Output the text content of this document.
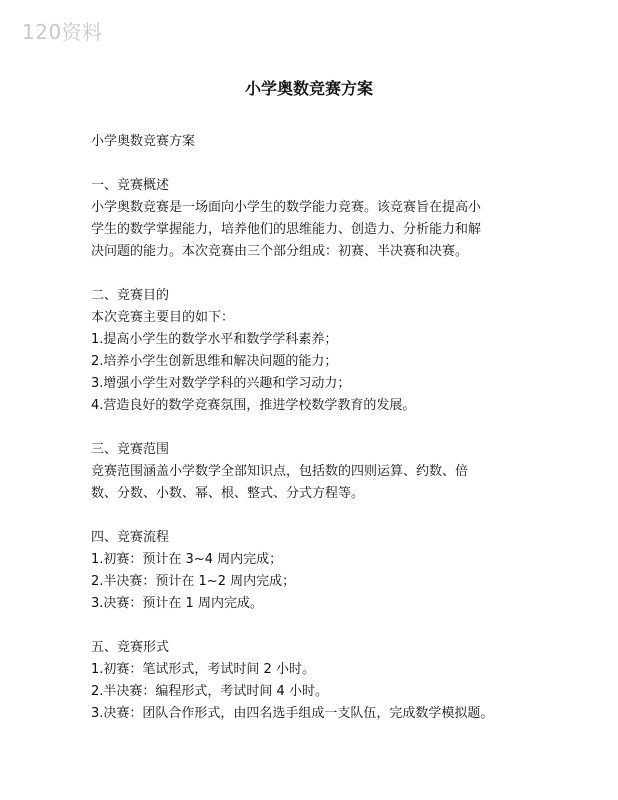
120资料
小学奥数竞赛方案
小学奥数竞赛方案
一、竞赛概述
小学奥数竞赛是一场面向小学生的数学能力竞赛。该竞赛旨在提高小
学生的数学掌握能力，培养他们的思维能力、创造力、分析能力和解
决问题的能力。本次竞赛由三个部分组成：初赛、半决赛和决赛。
二、竞赛目的
本次竞赛主要目的如下：
1.提高小学生的数学水平和数学学科素养；
2.培养小学生创新思维和解决问题的能力；
3.增强小学生对数学学科的兴趣和学习动力；
4.营造良好的数学竞赛氛围，推进学校数学教育的发展。
三、竞赛范围
竞赛范围涵盖小学数学全部知识点，包括数的四则运算、约数、倍
数、分数、小数、幂、根、整式、分式方程等。
四、竞赛流程
1.初赛：预计在 3~4 周内完成；
2.半决赛：预计在 1~2 周内完成；
3.决赛：预计在 1 周内完成。
五、竞赛形式
1.初赛：笔试形式，考试时间 2 小时。
2.半决赛：编程形式，考试时间 4 小时。
3.决赛：团队合作形式，由四名选手组成一支队伍，完成数学模拟题。
